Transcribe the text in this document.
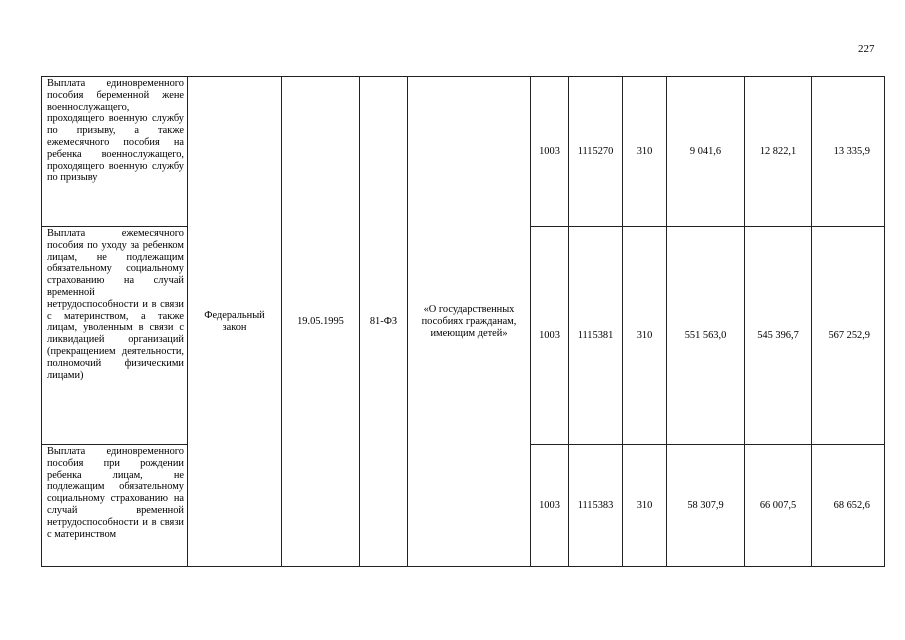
227
Выплата единовременного пособия беременной жене военнослужащего, проходящего военную службу по призыву, а также ежемесячного пособия на ребенка военнослужащего, проходящего военную службу по призыву	Федеральный закон	19.05.1995	81-ФЗ	«О государственных пособиях гражданам, имеющим детей»	1003	1115270	310	9 041,6	12 822,1	13 335,9
Выплата ежемесячного пособия по уходу за ребенком лицам, не подлежащим обязательному социальному страхованию на случай временной нетрудоспособности и в связи с материнством, а также лицам, уволенным в связи с ликвидацией организаций (прекращением деятельности, полномочий физическими лицами)					1003	1115381	310	551 563,0	545 396,7	567 252,9
Выплата единовременного пособия при рождении ребенка лицам, не подлежащим обязательному социальному страхованию на случай временной нетрудоспособности и в связи с материнством					1003	1115383	310	58 307,9	66 007,5	68 652,6
